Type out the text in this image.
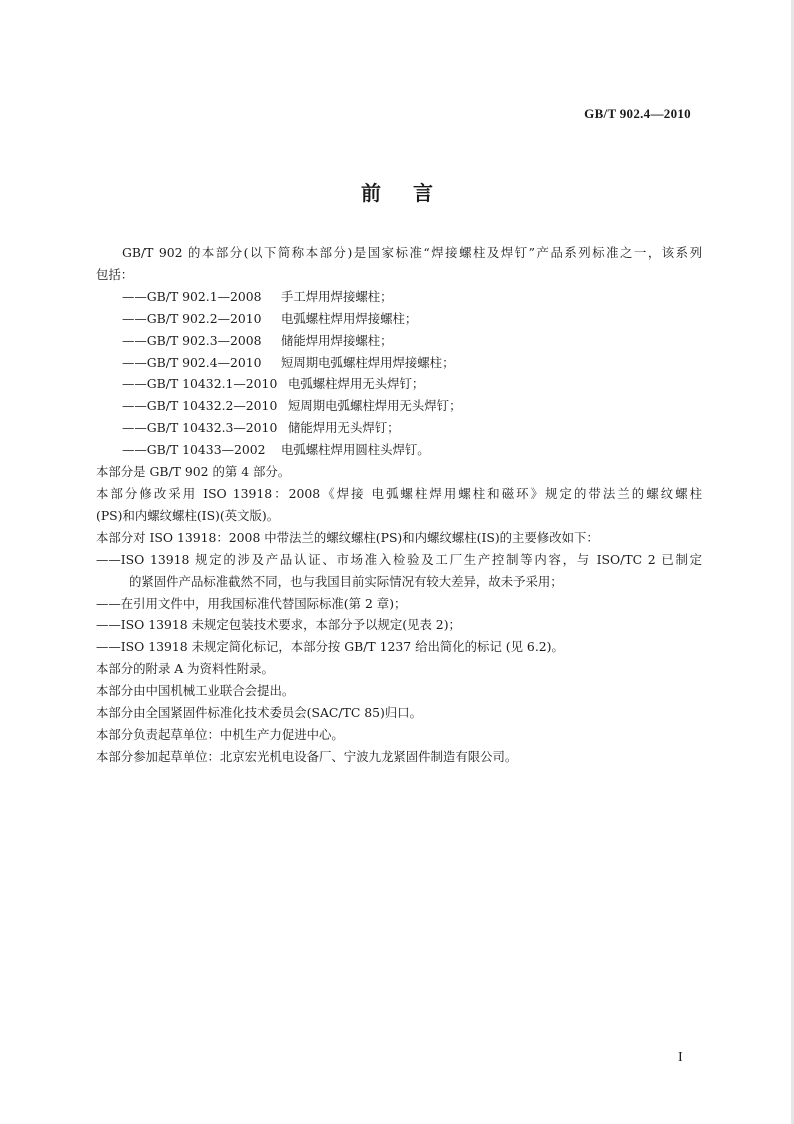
GB/T 902.4—2010
前言

GB/T 902 的本部分(以下简称本部分)是国家标准“焊接螺柱及焊钉”产品系列标准之一，该系列

包括：

——GB/T 902.1—2008 手工焊用焊接螺柱；

——GB/T 902.2—2010 电弧螺柱焊用焊接螺柱；

——GB/T 902.3—2008 储能焊用焊接螺柱；

——GB/T 902.4—2010 短周期电弧螺柱焊用焊接螺柱；

——GB/T 10432.1—2010 电弧螺柱焊用无头焊钉；

——GB/T 10432.2—2010 短周期电弧螺柱焊用无头焊钉；

——GB/T 10432.3—2010 储能焊用无头焊钉；

——GB/T 10433—2002 电弧螺柱焊用圆柱头焊钉。

本部分是 GB/T 902 的第 4 部分。

本部分修改采用 ISO 13918：2008《焊接 电弧螺柱焊用螺柱和磁环》规定的带法兰的螺纹螺柱

(PS)和内螺纹螺柱(IS)(英文版)。

本部分对 ISO 13918：2008 中带法兰的螺纹螺柱(PS)和内螺纹螺柱(IS)的主要修改如下：

——ISO 13918 规定的涉及产品认证、市场准入检验及工厂生产控制等内容，与 ISO/TC 2 已制定

的紧固件产品标准截然不同，也与我国目前实际情况有较大差异，故未予采用；

——在引用文件中，用我国标准代替国际标准(第 2 章)；

——ISO 13918 未规定包装技术要求，本部分予以规定(见表 2)；

——ISO 13918 未规定简化标记，本部分按 GB/T 1237 给出简化的标记 (见 6.2)。

本部分的附录 A 为资料性附录。

本部分由中国机械工业联合会提出。

本部分由全国紧固件标准化技术委员会(SAC/TC 85)归口。

本部分负责起草单位：中机生产力促进中心。

本部分参加起草单位：北京宏光机电设备厂、宁波九龙紧固件制造有限公司。

I
